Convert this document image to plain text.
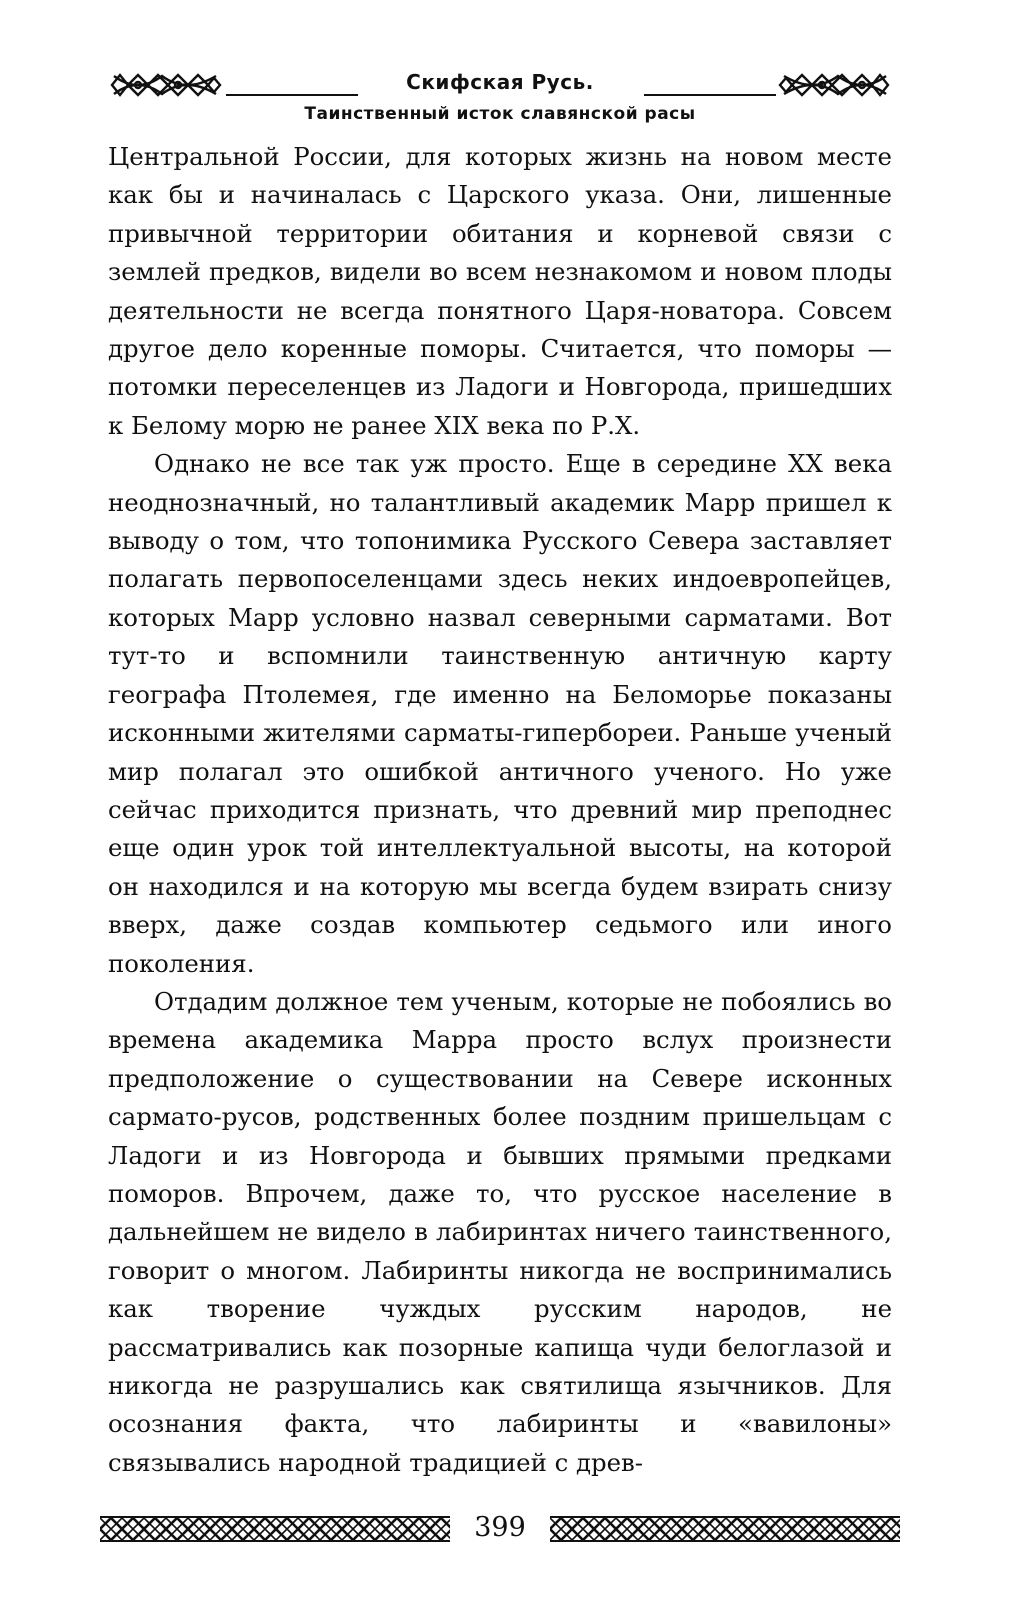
Скифская Русь.
Таинственный исток славянской расы

Центральной России, для которых жизнь на новом месте как бы и начиналась с Царского указа. Они, лишенные привычной территории обитания и корневой связи с землей предков, видели во всем незнакомом и новом плоды деятельности не всегда понятного Царя-новатора. Совсем другое дело коренные поморы. Считается, что поморы — потомки переселенцев из Ладоги и Новгорода, пришедших к Белому морю не ранее XIX века по Р.Х.

Однако не все так уж просто. Еще в середине XX века неоднозначный, но талантливый академик Марр пришел к выводу о том, что топонимика Русского Севера заставляет полагать первопоселенцами здесь неких индоевропейцев, которых Марр условно назвал северными сарматами. Вот тут-то и вспомнили таинственную античную карту географа Птолемея, где именно на Беломорье показаны исконными жителями сарматы-гипербореи. Раньше ученый мир полагал это ошибкой античного ученого. Но уже сейчас приходится признать, что древний мир преподнес еще один урок той интеллектуальной высоты, на которой он находился и на которую мы всегда будем взирать снизу вверх, даже создав компьютер седьмого или иного поколения.

Отдадим должное тем ученым, которые не побоялись во времена академика Марра просто вслух произнести предположение о существовании на Севере исконных сармато-русов, родственных более поздним пришельцам с Ладоги и из Новгорода и бывших прямыми предками поморов. Впрочем, даже то, что русское население в дальнейшем не видело в лабиринтах ничего таинственного, говорит о многом. Лабиринты никогда не воспринимались как творение чуждых русским народов, не рассматривались как позорные капища чуди белоглазой и никогда не разрушались как святилища язычников. Для осознания факта, что лабиринты и «вавилоны» связывались народной традицией с древ-

399
